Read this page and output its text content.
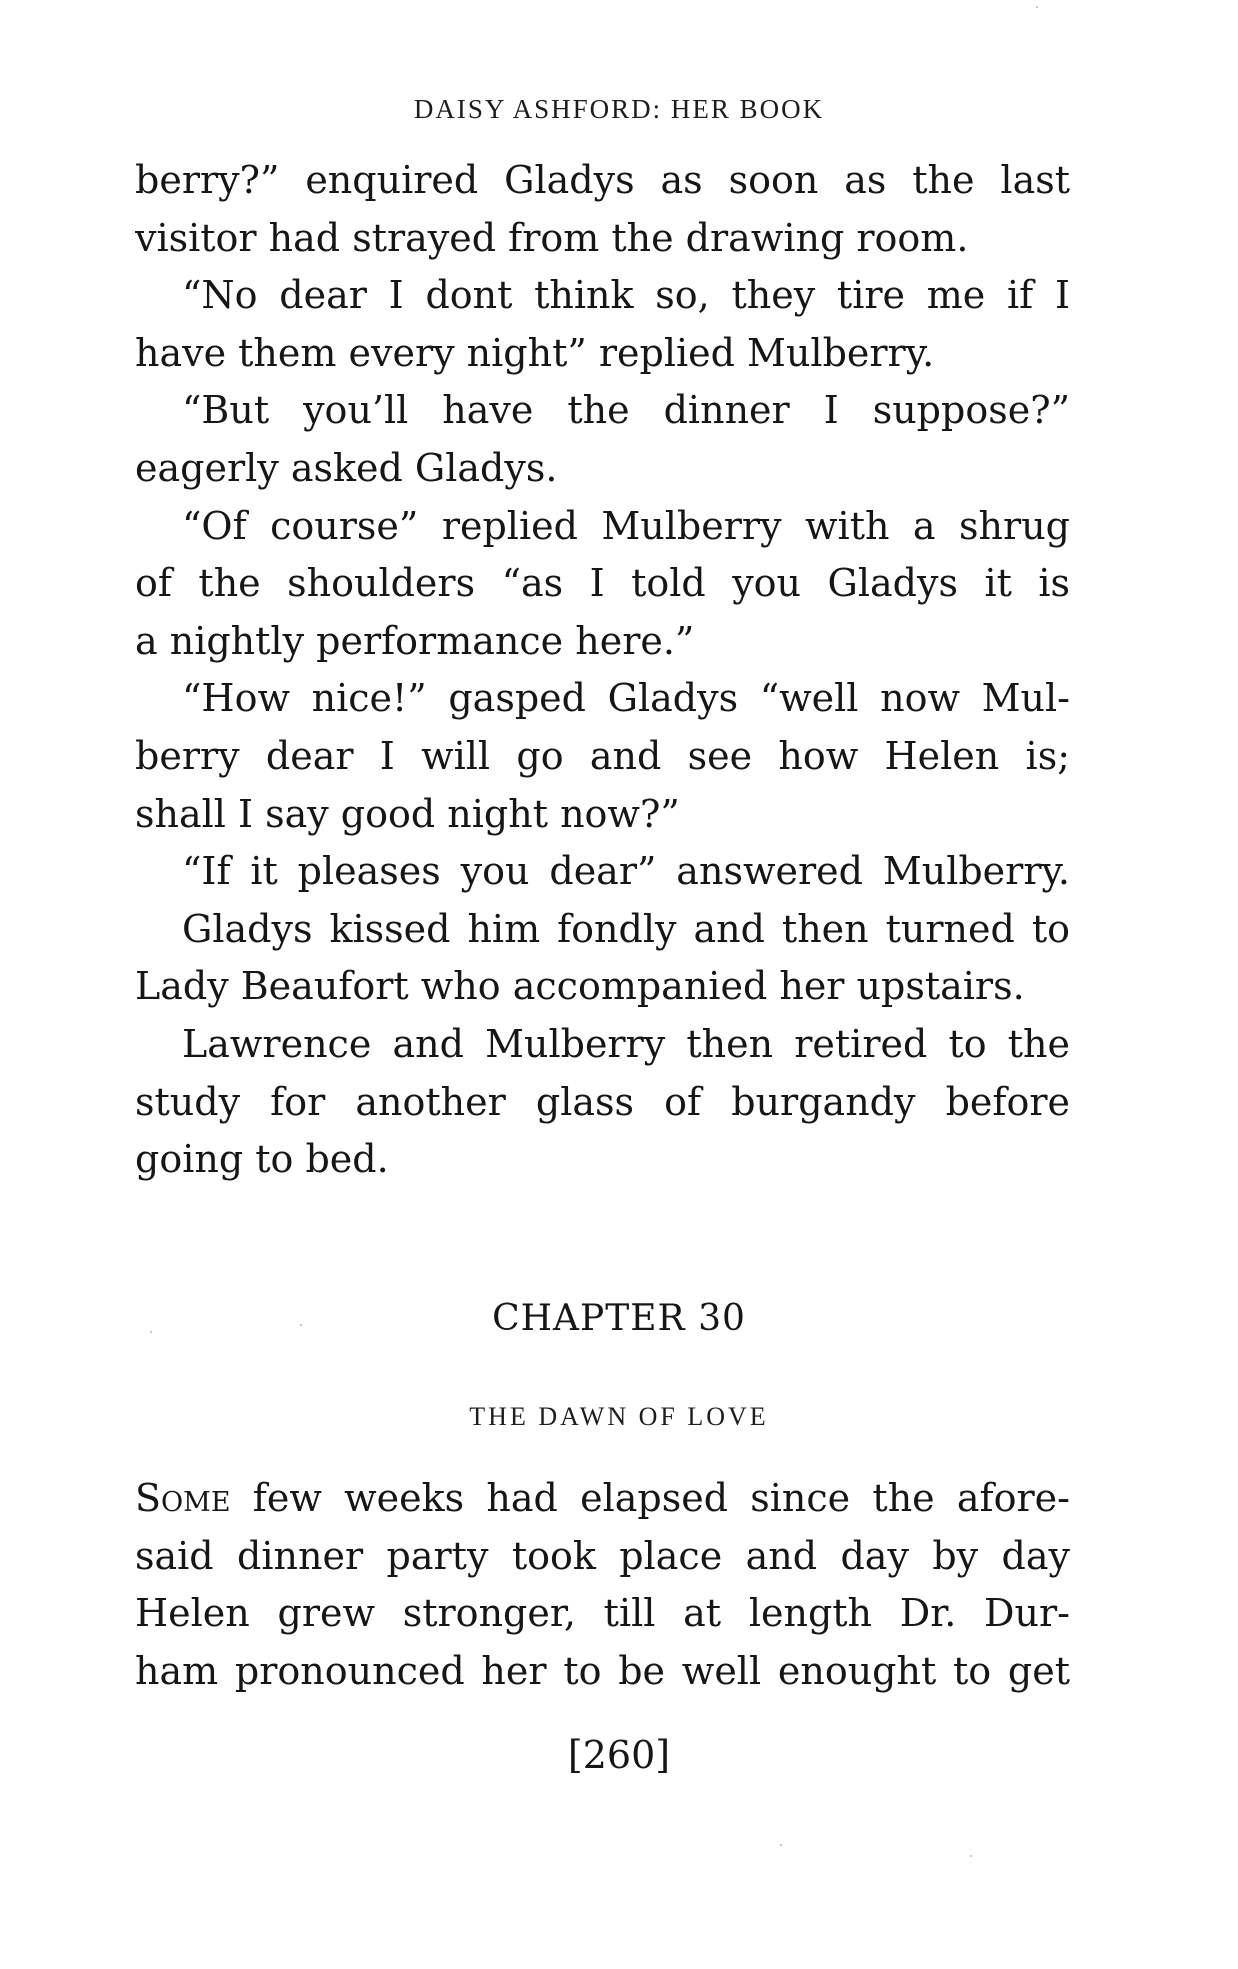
DAISY ASHFORD: HER BOOK

berry?” enquired Gladys as soon as the last
visitor had strayed from the drawing room.

“No dear I dont think so, they tire me if I
have them every night” replied Mulberry.

“But you’ll have the dinner I suppose?”
eagerly asked Gladys.

“Of course” replied Mulberry with a shrug
of the shoulders “as I told you Gladys it is
a nightly performance here.”

“How nice!” gasped Gladys “well now Mul-
berry dear I will go and see how Helen is;
shall I say good night now?”

“If it pleases you dear” answered Mulberry.

Gladys kissed him fondly and then turned to
Lady Beaufort who accompanied her upstairs.

Lawrence and Mulberry then retired to the
study for another glass of burgandy before
going to bed.

CHAPTER 30
THE DAWN OF LOVE

Some few weeks had elapsed since the afore-
said dinner party took place and day by day
Helen grew stronger, till at length Dr. Dur-
ham pronounced her to be well enought to get

[260]
